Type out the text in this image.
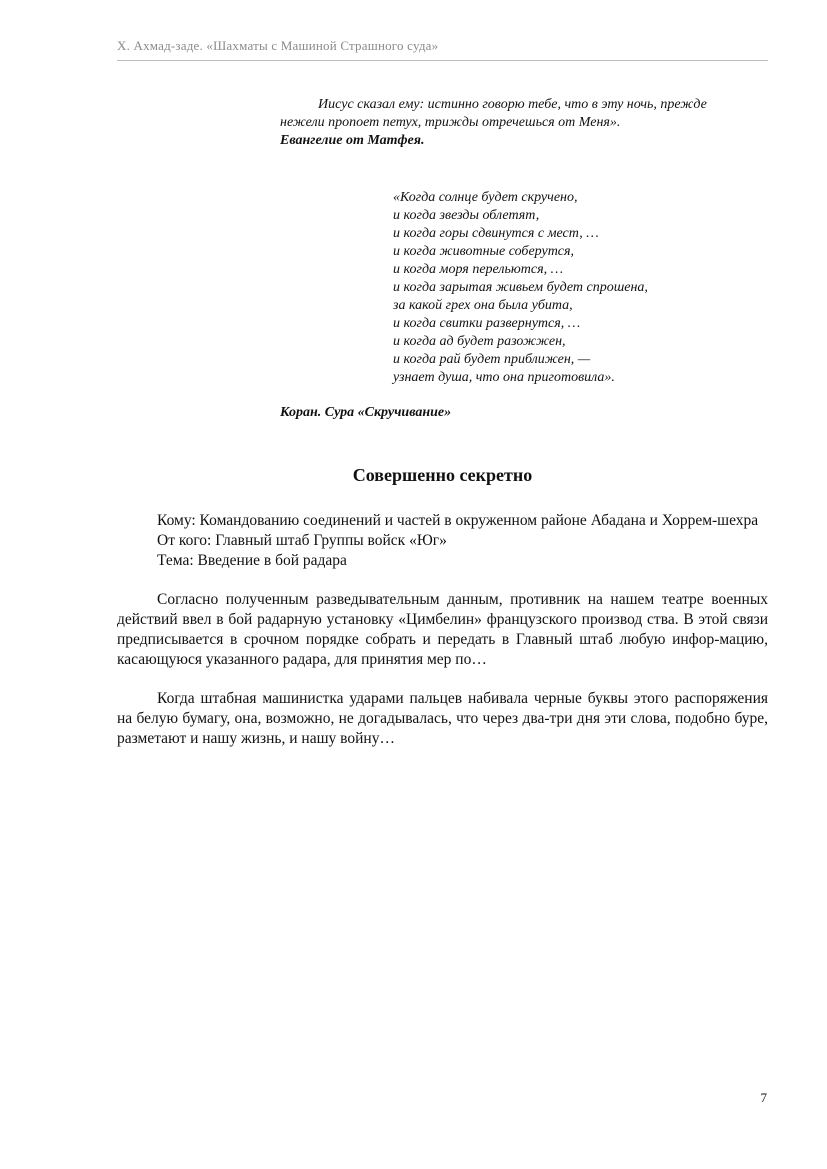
Х. Ахмад-заде. «Шахматы с Машиной Страшного суда»
Иисус сказал ему: истинно говорю тебе, что в эту ночь, прежде
нежели пропоет петух, трижды отречешься от Меня».
Евангелие от Матфея.
«Когда солнце будет скручено,
и когда звезды облетят,
и когда горы сдвинутся с мест, …
и когда животные соберутся,
и когда моря перельются, …
и когда зарытая живьем будет спрошена,
за какой грех она была убита,
и когда свитки развернутся, …
и когда ад будет разожжен,
и когда рай будет приближен, —
узнает душа, что она приготовила».
Коран. Сура «Скручивание»
Совершенно секретно

Кому: Командованию соединений и частей в окруженном районе Абадана и Хоррем-шехра

От кого: Главный штаб Группы войск «Юг»

Тема: Введение в бой радара

Согласно полученным разведывательным данным, противник на нашем театре военных действий ввел в бой радарную установку «Цимбелин» французского производ ства. В этой связи предписывается в срочном порядке собрать и передать в Главный штаб любую инфор-мацию, касающуюся указанного радара, для принятия мер по…

Когда штабная машинистка ударами пальцев набивала черные буквы этого распоряжения на белую бумагу, она, возможно, не догадывалась, что через два-три дня эти слова, подобно буре, разметают и нашу жизнь, и нашу войну…

7
